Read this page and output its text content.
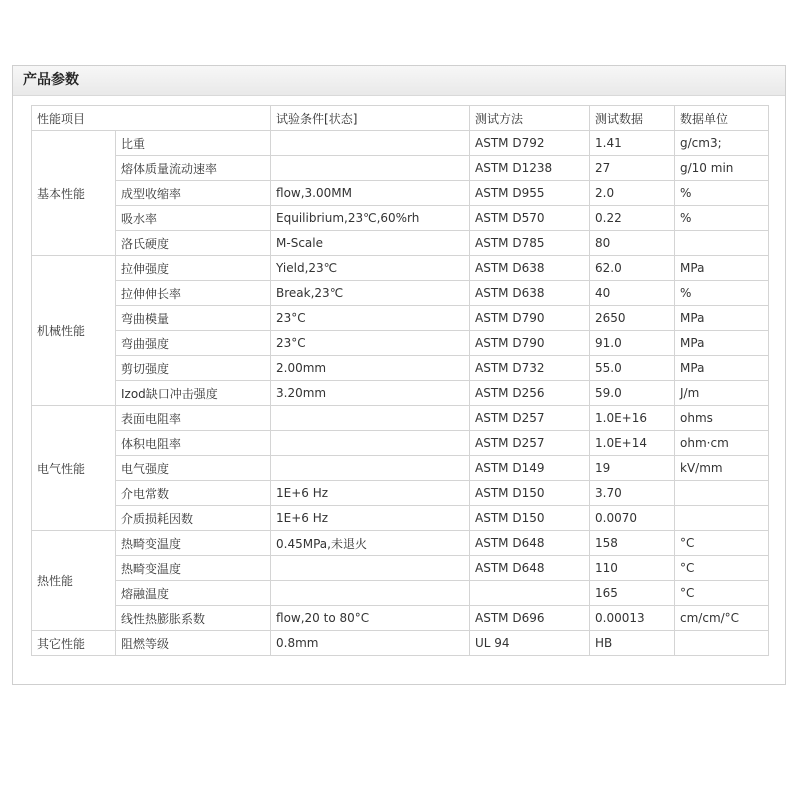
产品参数
性能项目		试验条件[状态]	测试方法	测试数据	数据单位
基本性能	比重		ASTM D792	1.41	g/cm3;
	熔体质量流动速率		ASTM D1238	27	g/10 min
	成型收缩率	flow,3.00MM	ASTM D955	2.0	%
	吸水率	Equilibrium,23℃,60%rh	ASTM D570	0.22	%
	洛氏硬度	M-Scale	ASTM D785	80	
机械性能	拉伸强度	Yield,23℃	ASTM D638	62.0	MPa
	拉伸伸长率	Break,23℃	ASTM D638	40	%
	弯曲模量	23°C	ASTM D790	2650	MPa
	弯曲强度	23°C	ASTM D790	91.0	MPa
	剪切强度	2.00mm	ASTM D732	55.0	MPa
	Izod缺口冲击强度	3.20mm	ASTM D256	59.0	J/m
电气性能	表面电阻率		ASTM D257	1.0E+16	ohms
	体积电阻率		ASTM D257	1.0E+14	ohm·cm
	电气强度		ASTM D149	19	kV/mm
	介电常数	1E+6 Hz	ASTM D150	3.70	
	介质损耗因数	1E+6 Hz	ASTM D150	0.0070	
热性能	热畸变温度	0.45MPa,未退火	ASTM D648	158	°C
	热畸变温度		ASTM D648	110	°C
	熔融温度			165	°C
	线性热膨胀系数	flow,20 to 80°C	ASTM D696	0.00013	cm/cm/°C
其它性能	阻燃等级	0.8mm	UL 94	HB	
